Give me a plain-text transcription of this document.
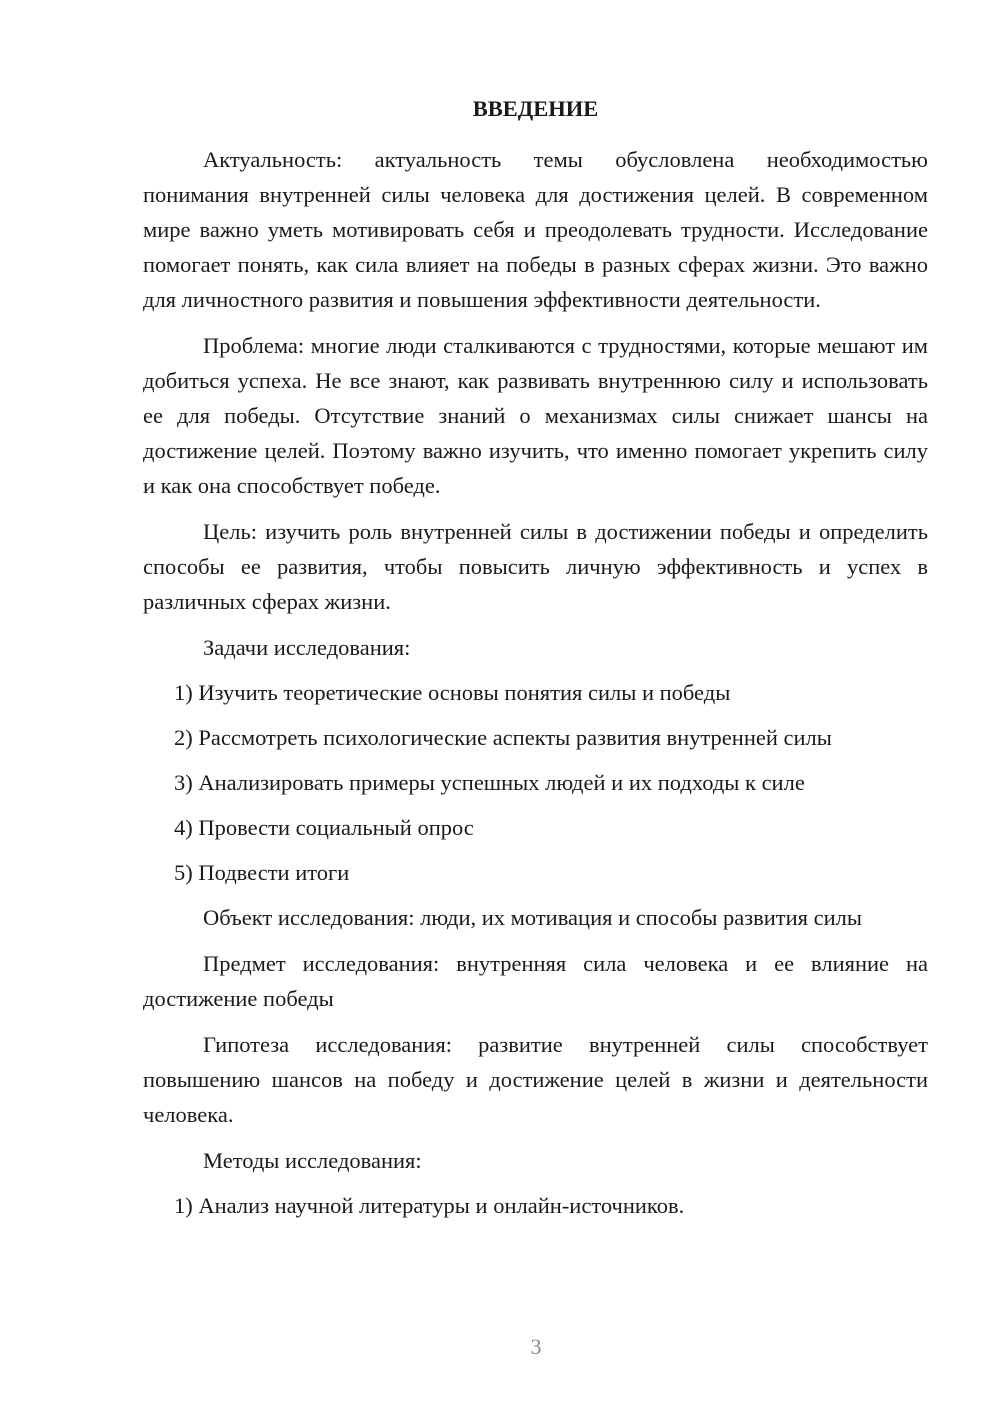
ВВЕДЕНИЕ

Актуальность: актуальность темы обусловлена необходимостью понимания внутренней силы человека для достижения целей. В современном мире важно уметь мотивировать себя и преодолевать трудности. Исследование помогает понять, как сила влияет на победы в разных сферах жизни. Это важно для личностного развития и повышения эффективности деятельности.

Проблема: многие люди сталкиваются с трудностями, которые мешают им добиться успеха. Не все знают, как развивать внутреннюю силу и использовать ее для победы. Отсутствие знаний о механизмах силы снижает шансы на достижение целей. Поэтому важно изучить, что именно помогает укрепить силу и как она способствует победе.

Цель: изучить роль внутренней силы в достижении победы и определить способы ее развития, чтобы повысить личную эффективность и успех в различных сферах жизни.

Задачи исследования:

1) Изучить теоретические основы понятия силы и победы
2) Рассмотреть психологические аспекты развития внутренней силы
3) Анализировать примеры успешных людей и их подходы к силе
4) Провести социальный опрос
5) Подвести итоги

Объект исследования: люди, их мотивация и способы развития силы

Предмет исследования: внутренняя сила человека и ее влияние на достижение победы

Гипотеза исследования: развитие внутренней силы способствует повышению шансов на победу и достижение целей в жизни и деятельности человека.

Методы исследования:

1) Анализ научной литературы и онлайн-источников.
3
